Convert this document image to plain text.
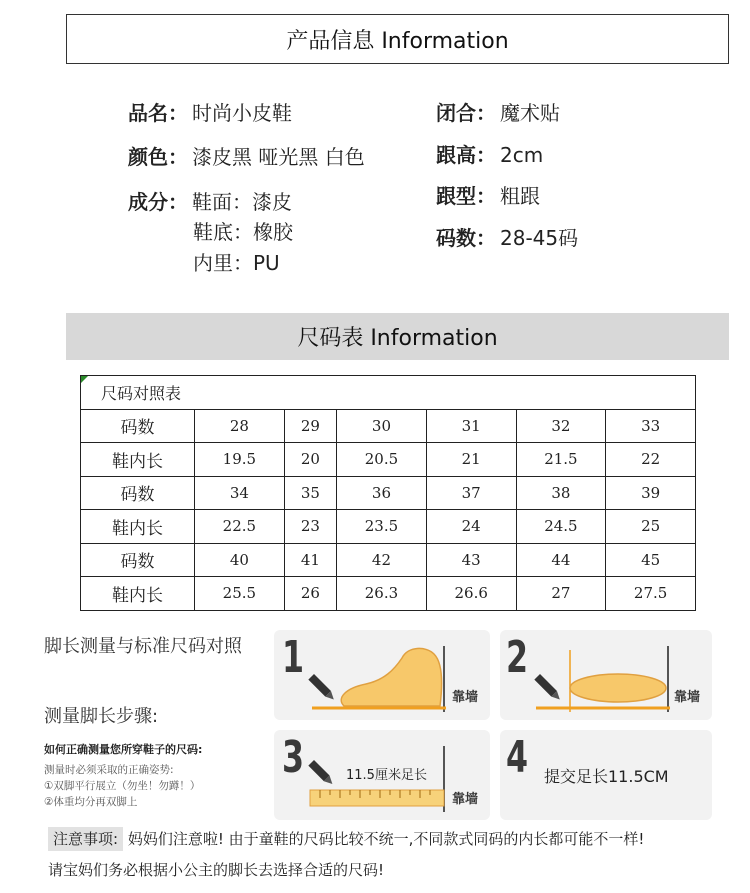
产品信息 Information
品名： 时尚小皮鞋
颜色： 漆皮黑 哑光黑 白色
成分： 鞋面：漆皮
鞋底：橡胶
内里：PU
闭合： 魔术贴
跟高： 2cm
跟型： 粗跟
码数： 28-45码
尺码表 Information
尺码对照表						
码数	28	29	30	31	32	33
鞋内长	19.5	20	20.5	21	21.5	22
码数	34	35	36	37	38	39
鞋内长	22.5	23	23.5	24	24.5	25
码数	40	41	42	43	44	45
鞋内长	25.5	26	26.3	26.6	27	27.5
脚长测量与标准尺码对照
测量脚长步骤:
如何正确测量您所穿鞋子的尺码:
测量时必须采取的正确姿势:
①双脚平行展立（勿坐！勿蹲！）
②体重均分再双脚上
1
靠墙
2
靠墙
3	11.5厘米足长
靠墙
4 提交足长11.5CM
注意事项: 妈妈们注意啦! 由于童鞋的尺码比较不统一,不同款式同码的内长都可能不一样!
请宝妈们务必根据小公主的脚长去选择合适的尺码!
